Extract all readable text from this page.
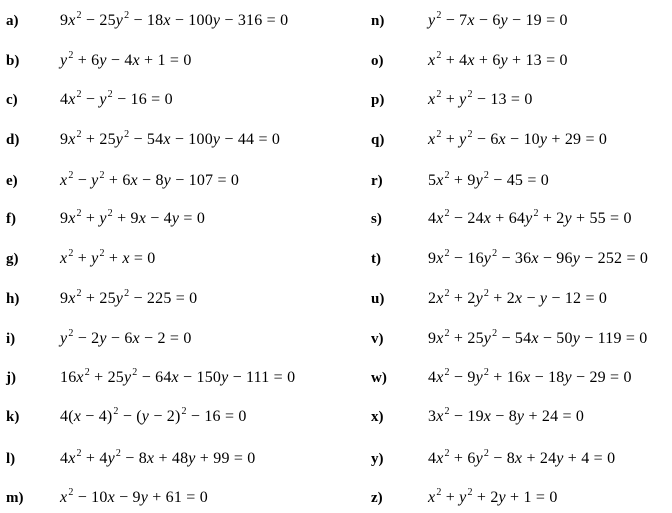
a)	$9x^2 - 25y^2 - 18x - 100y - 316 = 0$
b)	$y^2 + 6y - 4x + 1 = 0$
c)	$4x^2 - y^2 - 16 = 0$
d)	$9x^2 + 25y^2 - 54x - 100y - 44 = 0$
e)	$x^2 - y^2 + 6x - 8y - 107 = 0$
f)	$9x^2 + y^2 + 9x - 4y = 0$
g)	$x^2 + y^2 + x = 0$
h)	$9x^2 + 25y^2 - 225 = 0$
i)	$y^2 - 2y - 6x - 2 = 0$
j)	$16x^2 + 25y^2 - 64x - 150y - 111 = 0$
k)	$4(x - 4)^2 - (y - 2)^2 - 16 = 0$
l)	$4x^2 + 4y^2 - 8x + 48y + 99 = 0$
m) $x^2 - 10x - 9y + 61 = 0$
n)	$y^2 - 7x - 6y - 19 = 0$
o)	$x^2 + 4x + 6y + 13 = 0$
p)	$x^2 + y^2 - 13 = 0$
q)	$x^2 + y^2 - 6x - 10y + 29 = 0$
r)	$5x^2 + 9y^2 - 45 = 0$
s)	$4x^2 - 24x + 64y^2 + 2y + 55 = 0$
t)	$9x^2 - 16y^2 - 36x - 96y - 252 = 0$
u)	$2x^2 + 2y^2 + 2x - y - 12 = 0$
v)	$9x^2 + 25y^2 - 54x - 50y - 119 = 0$
w)	$4x^2 - 9y^2 + 16x - 18y - 29 = 0$
x)	$3x^2 - 19x - 8y + 24 = 0$
y)	$4x^2 + 6y^2 - 8x + 24y + 4 = 0$
z)	$x^2 + y^2 + 2y + 1 = 0$
